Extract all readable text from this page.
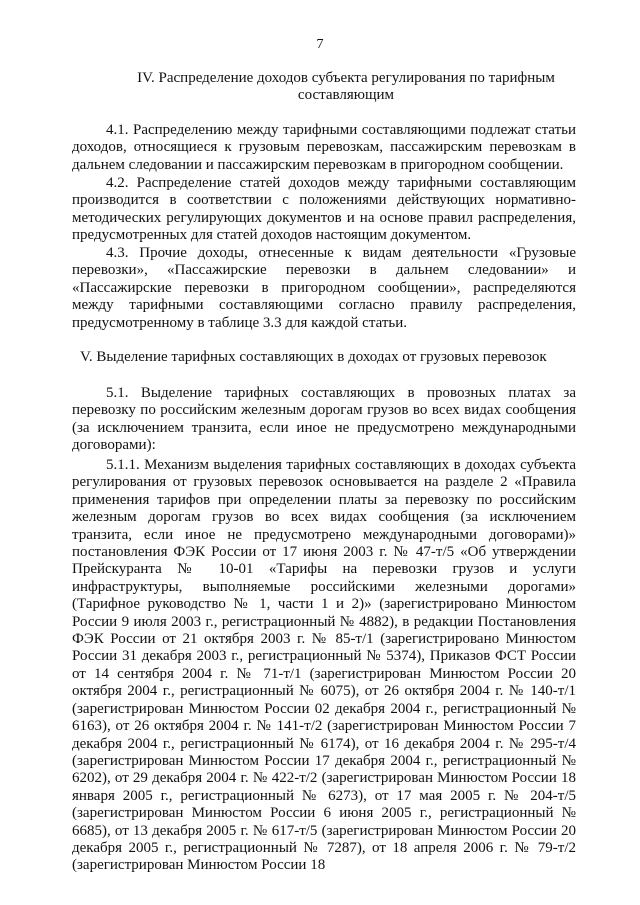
7
IV. Распределение доходов субъекта регулирования по тарифным составляющим
4.1. Распределению между тарифными составляющими подлежат статьи доходов, относящиеся к грузовым перевозкам, пассажирским перевозкам в дальнем следовании и пассажирским перевозкам в пригородном сообщении.
4.2. Распределение статей доходов между тарифными составляющим производится в соответствии с положениями действующих нормативно-методических регулирующих документов и на основе правил распределения, предусмотренных для статей доходов настоящим документом.
4.3. Прочие доходы, отнесенные к видам деятельности «Грузовые перевозки», «Пассажирские перевозки в дальнем следовании» и «Пассажирские перевозки в пригородном сообщении», распределяются между тарифными составляющими согласно правилу распределения, предусмотренному в таблице 3.3 для каждой статьи.
V. Выделение тарифных составляющих в доходах от грузовых перевозок
5.1. Выделение тарифных составляющих в провозных платах за перевозку по российским железным дорогам грузов во всех видах сообщения (за исключением транзита, если иное не предусмотрено международными договорами):
5.1.1. Механизм выделения тарифных составляющих в доходах субъекта регулирования от грузовых перевозок основывается на разделе 2 «Правила применения тарифов при определении платы за перевозку по российским железным дорогам грузов во всех видах сообщения (за исключением транзита, если иное не предусмотрено международными договорами)» постановления ФЭК России от 17 июня 2003 г. № 47-т/5 «Об утверждении Прейскуранта № 10-01 «Тарифы на перевозки грузов и услуги инфраструктуры, выполняемые российскими железными дорогами» (Тарифное руководство № 1, части 1 и 2)» (зарегистрировано Минюстом России 9 июля 2003 г., регистрационный № 4882), в редакции Постановления ФЭК России от 21 октября 2003 г. № 85-т/1 (зарегистрировано Минюстом России 31 декабря 2003 г., регистрационный № 5374), Приказов ФСТ России от 14 сентября 2004 г. № 71-т/1 (зарегистрирован Минюстом России 20 октября 2004 г., регистрационный № 6075), от 26 октября 2004 г. № 140-т/1 (зарегистрирован Минюстом России 02 декабря 2004 г., регистрационный № 6163), от 26 октября 2004 г. № 141-т/2 (зарегистрирован Минюстом России 7 декабря 2004 г., регистрационный № 6174), от 16 декабря 2004 г. № 295-т/4 (зарегистрирован Минюстом России 17 декабря 2004 г., регистрационный № 6202), от 29 декабря 2004 г. № 422-т/2 (зарегистрирован Минюстом России 18 января 2005 г., регистрационный № 6273), от 17 мая 2005 г. № 204-т/5 (зарегистрирован Минюстом России 6 июня 2005 г., регистрационный № 6685), от 13 декабря 2005 г. № 617-т/5 (зарегистрирован Минюстом России 20 декабря 2005 г., регистрационный № 7287), от 18 апреля 2006 г. № 79-т/2 (зарегистрирован Минюстом России 18
